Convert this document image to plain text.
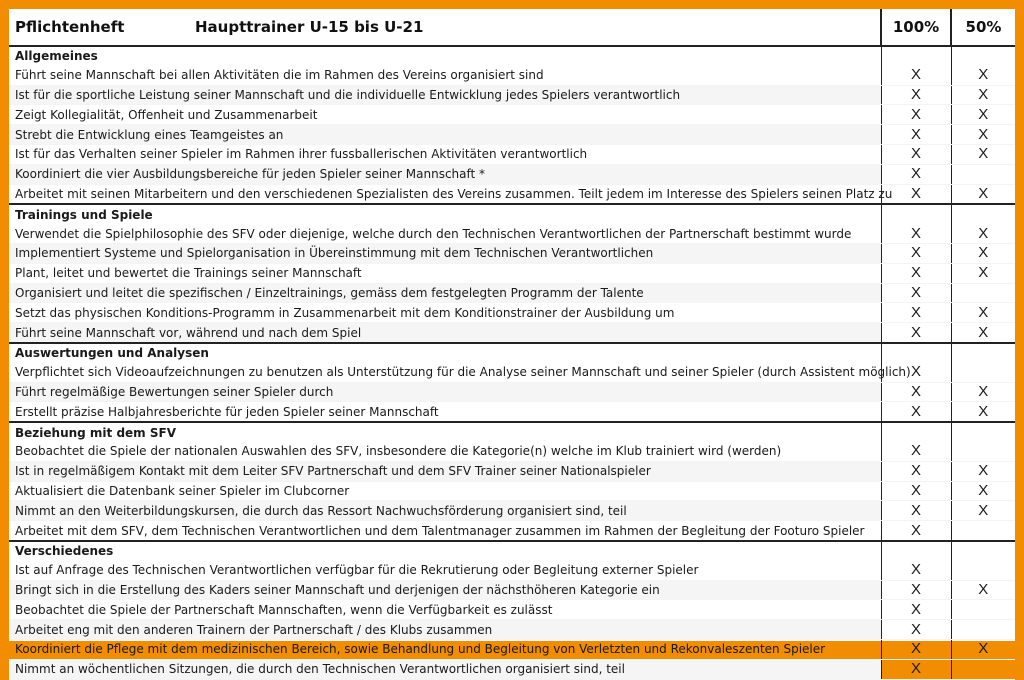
Pflichtenheft Haupttrainer U-15 bis U-21	100%	50%
Allgemeines		
Führt seine Mannschaft bei allen Aktivitäten die im Rahmen des Vereins organisiert sind	X	X
Ist für die sportliche Leistung seiner Mannschaft und die individuelle Entwicklung jedes Spielers verantwortlich	X	X
Zeigt Kollegialität, Offenheit und Zusammenarbeit	X	X
Strebt die Entwicklung eines Teamgeistes an	X	X
Ist für das Verhalten seiner Spieler im Rahmen ihrer fussballerischen Aktivitäten verantwortlich	X	X
Koordiniert die vier Ausbildungsbereiche für jeden Spieler seiner Mannschaft *	X	
Arbeitet mit seinen Mitarbeitern und den verschiedenen Spezialisten des Vereins zusammen. Teilt jedem im Interesse des Spielers seinen Platz zu	X	X
Trainings und Spiele		
Verwendet die Spielphilosophie des SFV oder diejenige, welche durch den Technischen Verantwortlichen der Partnerschaft bestimmt wurde	X	X
Implementiert Systeme und Spielorganisation in Übereinstimmung mit dem Technischen Verantwortlichen	X	X
Plant, leitet und bewertet die Trainings seiner Mannschaft	X	X
Organisiert und leitet die spezifischen / Einzeltrainings, gemäss dem festgelegten Programm der Talente	X	
Setzt das physischen Konditions-Programm in Zusammenarbeit mit dem Konditionstrainer der Ausbildung um	X	X
Führt seine Mannschaft vor, während und nach dem Spiel	X	X
Auswertungen und Analysen		
Verpflichtet sich Videoaufzeichnungen zu benutzen als Unterstützung für die Analyse seiner Mannschaft und seiner Spieler (durch Assistent möglich)	X	
Führt regelmäßige Bewertungen seiner Spieler durch	X	X
Erstellt präzise Halbjahresberichte für jeden Spieler seiner Mannschaft	X	X
Beziehung mit dem SFV		
Beobachtet die Spiele der nationalen Auswahlen des SFV, insbesondere die Kategorie(n) welche im Klub trainiert wird (werden)	X	
Ist in regelmäßigem Kontakt mit dem Leiter SFV Partnerschaft und dem SFV Trainer seiner Nationalspieler	X	X
Aktualisiert die Datenbank seiner Spieler im Clubcorner	X	X
Nimmt an den Weiterbildungskursen, die durch das Ressort Nachwuchsförderung organisiert sind, teil	X	X
Arbeitet mit dem SFV, dem Technischen Verantwortlichen und dem Talentmanager zusammen im Rahmen der Begleitung der Footuro Spieler	X	
Verschiedenes		
Ist auf Anfrage des Technischen Verantwortlichen verfügbar für die Rekrutierung oder Begleitung externer Spieler	X	
Bringt sich in die Erstellung des Kaders seiner Mannschaft und derjenigen der nächsthöheren Kategorie ein	X	X
Beobachtet die Spiele der Partnerschaft Mannschaften, wenn die Verfügbarkeit es zulässt	X	
Arbeitet eng mit den anderen Trainern der Partnerschaft / des Klubs zusammen	X	
Koordiniert die Pflege mit dem medizinischen Bereich, sowie Behandlung und Begleitung von Verletzten und Rekonvaleszenten Spieler	X	X
Nimmt an wöchentlichen Sitzungen, die durch den Technischen Verantwortlichen organisiert sind, teil	X	
